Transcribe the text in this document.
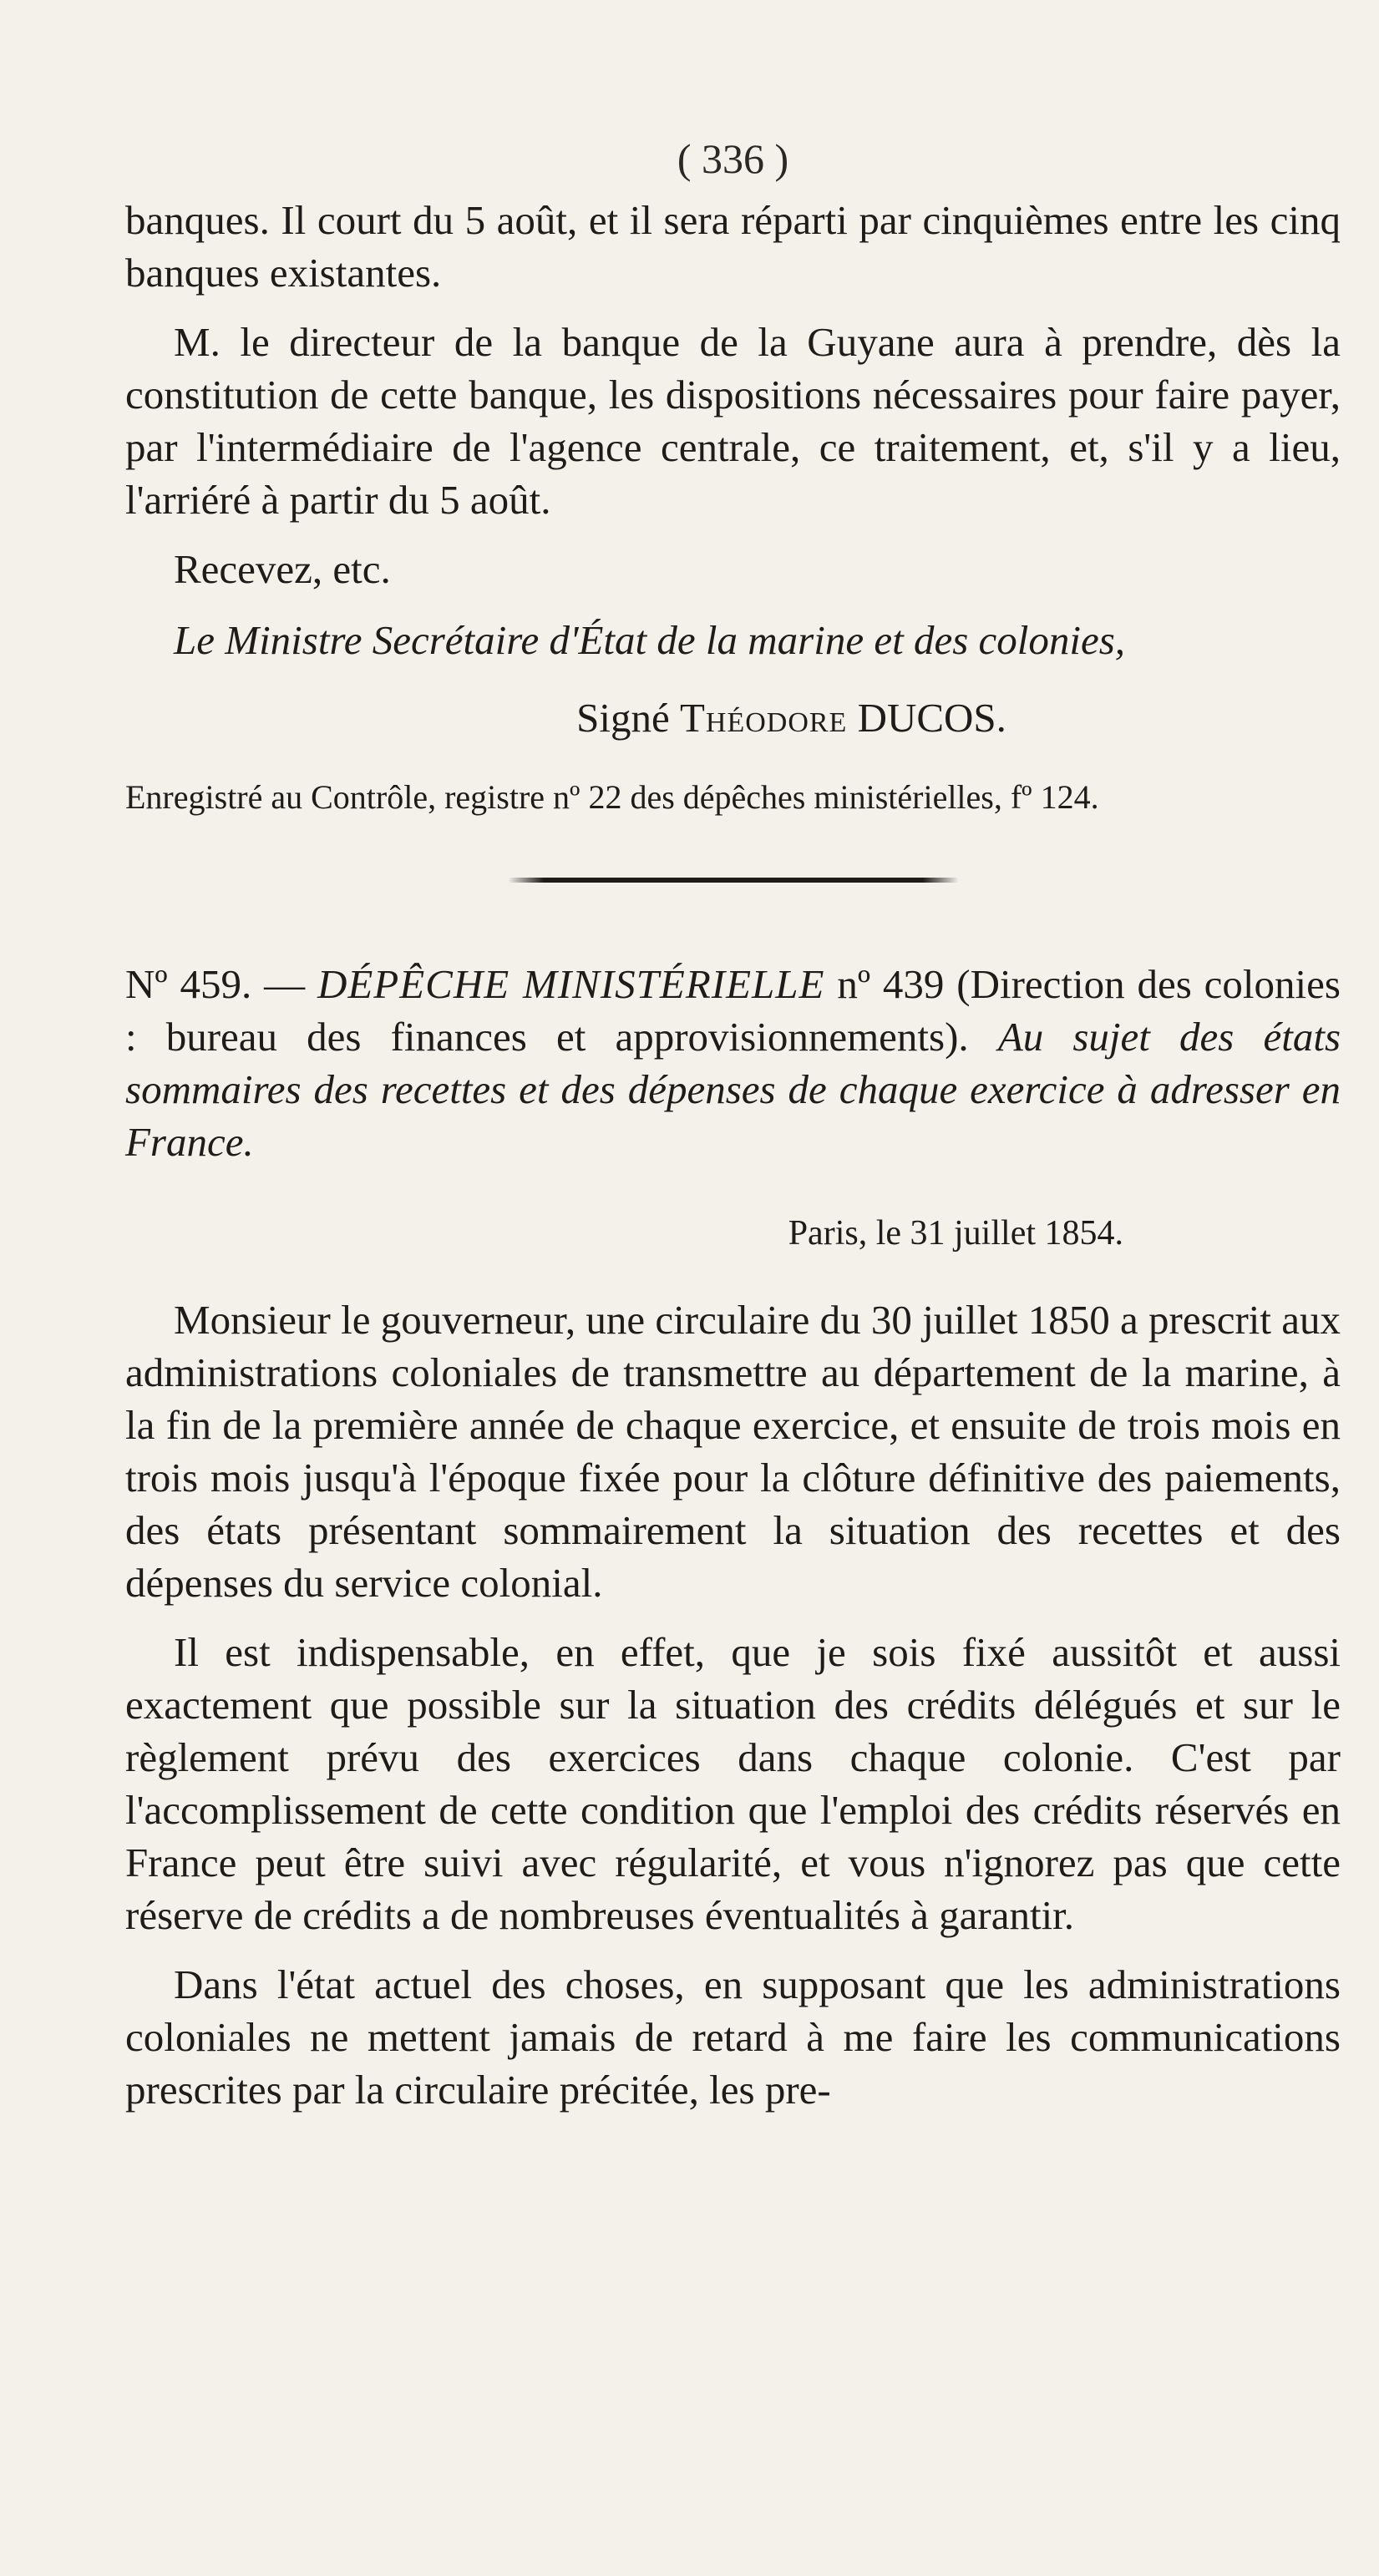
( 336 )

banques. Il court du 5 août, et il sera réparti par cinquièmes entre les cinq banques existantes.

M. le directeur de la banque de la Guyane aura à prendre, dès la constitution de cette banque, les dispositions nécessaires pour faire payer, par l'intermédiaire de l'agence centrale, ce traitement, et, s'il y a lieu, l'arriéré à partir du 5 août.

Recevez, etc.

Le Ministre Secrétaire d'État de la marine et des colonies,

Signé Théodore DUCOS.

Enregistré au Contrôle, registre nº 22 des dépêches ministérielles, fº 124.

Nº 459. — DÉPÊCHE MINISTÉRIELLE nº 439 (Direction des colonies : bureau des finances et approvisionnements). Au sujet des états sommaires des recettes et des dépenses de chaque exercice à adresser en France.

Paris, le 31 juillet 1854.

Monsieur le gouverneur, une circulaire du 30 juillet 1850 a prescrit aux administrations coloniales de transmettre au département de la marine, à la fin de la première année de chaque exercice, et ensuite de trois mois en trois mois jusqu'à l'époque fixée pour la clôture définitive des paiements, des états présentant sommairement la situation des recettes et des dépenses du service colonial.

Il est indispensable, en effet, que je sois fixé aussitôt et aussi exactement que possible sur la situation des crédits délégués et sur le règlement prévu des exercices dans chaque colonie. C'est par l'accomplissement de cette condition que l'emploi des crédits réservés en France peut être suivi avec régularité, et vous n'ignorez pas que cette réserve de crédits a de nombreuses éventualités à garantir.

Dans l'état actuel des choses, en supposant que les administrations coloniales ne mettent jamais de retard à me faire les communications prescrites par la circulaire précitée, les pre-
